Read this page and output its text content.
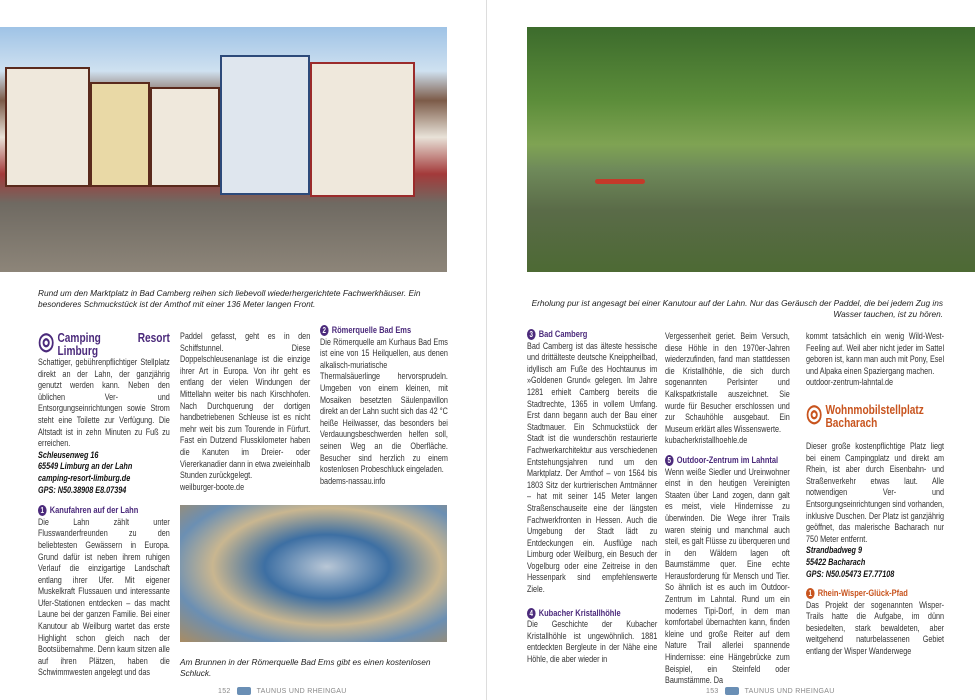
Rund um den Marktplatz in Bad Camberg reihen sich liebevoll wiederhergerichtete Fachwerkhäuser. Ein besonderes Schmuckstück ist der Amthof mit einer 136 Meter langen Front.
◎ Camping Resort Limburg

Schattiger, gebührenpflichtiger Stellplatz direkt an der Lahn, der ganzjährig genutzt werden kann. Neben den üblichen Ver- und Entsorgungseinrichtungen sowie Strom steht eine Toilette zur Verfügung. Die Altstadt ist in zehn Minuten zu Fuß zu erreichen.

Schleusenweg 16
65549 Limburg an der Lahn
camping-resort-limburg.de
GPS: N50.38908 E8.07394
1 Kanufahren auf der Lahn

Die Lahn zählt unter Flusswanderfreunden zu den beliebtesten Gewässern in Europa. Grund dafür ist neben ihrem ruhigen Verlauf die einzigartige Landschaft entlang ihrer Ufer. Mit eigener Muskelkraft Flussauen und interessante Ufer-Stationen entdecken – das macht Laune bei der ganzen Familie. Bei einer Kanutour ab Weilburg wartet das erste Highlight schon gleich nach der Bootsübernahme. Denn kaum sitzen alle auf ihren Plätzen, haben die Schwimmwesten angelegt und das

Paddel gefasst, geht es in den Schiffstunnel. Diese Doppelschleusenanlage ist die einzige ihrer Art in Europa. Von ihr geht es entlang der vielen Windungen der Mittellahn weiter bis nach Kirschhofen. Nach Durchquerung der dortigen handbetriebenen Schleuse ist es nicht mehr weit bis zum Tourende in Fürfurt. Fast ein Dutzend Flusskilometer haben die Kanuten im Dreier- oder Viererkanadier dann in etwa zweieinhalb Stunden zurückgelegt.

weilburger-boote.de

2 Römerquelle Bad Ems

Die Römerquelle am Kurhaus Bad Ems ist eine von 15 Heilquellen, aus denen alkalisch-muriatische Thermalsäuerlinge hervorsprudeln. Umgeben von einem kleinen, mit Mosaiken besetzten Säulenpavillon direkt an der Lahn sucht sich das 42 °C heiße Heilwasser, das besonders bei Verdauungsbeschwerden helfen soll, seinen Weg an die Oberfläche. Besucher sind herzlich zu einem kostenlosen Probeschluck eingeladen.

badems-nassau.info

Am Brunnen in der Römerquelle Bad Ems gibt es einen kostenlosen Schluck.
152	TAUNUS UND RHEINGAU
Erholung pur ist angesagt bei einer Kanutour auf der Lahn. Nur das Geräusch der Paddel, die bei jedem Zug ins Wasser tauchen, ist zu hören.
3 Bad Camberg

Bad Camberg ist das älteste hessische und drittälteste deutsche Kneippheilbad, idyllisch am Fuße des Hochtaunus im »Goldenen Grund« gelegen. Im Jahre 1281 erhielt Camberg bereits die Stadtrechte, 1365 in vollem Umfang. Erst dann begann auch der Bau einer Stadtmauer. Ein Schmuckstück der Stadt ist die wunderschön restaurierte Fachwerkarchitektur aus verschiedenen Entstehungsjahren rund um den Marktplatz. Der Amthof – von 1564 bis 1803 Sitz der kurtrierischen Amtmänner – hat mit seiner 145 Meter langen Straßenschauseite eine der längsten Fachwerkfronten in Hessen. Auch die Umgebung der Stadt lädt zu Entdeckungen ein. Ausflüge nach Limburg oder Weilburg, ein Besuch der Vogelburg oder eine Zeitreise in den Hessenpark sind empfehlenswerte Ziele.

4 Kubacher Kristallhöhle

Die Geschichte der Kubacher Kristallhöhle ist ungewöhnlich. 1881 entdeckten Bergleute in der Nähe eine Höhle, die aber wieder in

Vergessenheit geriet. Beim Versuch, diese Höhle in den 1970er-Jahren wiederzufinden, fand man stattdessen die Kristallhöhle, die sich durch sogenannten Perlsinter und Kalkspatkristalle auszeichnet. Sie wurde für Besucher erschlossen und zur Schauhöhle ausgebaut. Ein Museum erklärt alles Wissenswerte.

kubacherkristallhoehle.de

5 Outdoor-Zentrum im Lahntal

Wenn weiße Siedler und Ureinwohner einst in den heutigen Vereinigten Staaten über Land zogen, dann galt es meist, viele Hindernisse zu überwinden. Die Wege ihrer Trails waren steinig und manchmal auch steil, es galt Flüsse zu überqueren und in den Wäldern lagen oft Baumstämme quer. Eine echte Herausforderung für Mensch und Tier. So ähnlich ist es auch im Outdoor-Zentrum im Lahntal. Rund um ein modernes Tipi-Dorf, in dem man komfortabel übernachten kann, finden kleine und große Reiter auf dem Nature Trail allerlei spannende Hindernisse: eine Hängebrücke zum Beispiel, ein Steinfeld oder Baumstämme. Da

kommt tatsächlich ein wenig Wild-West-Feeling auf. Weil aber nicht jeder im Sattel geboren ist, kann man auch mit Pony, Esel und Alpaka einen Spaziergang machen.

outdoor-zentrum-lahntal.de

◎ Wohnmobilstellplatz Bacharach

Dieser große kostenpflichtige Platz liegt bei einem Campingplatz und direkt am Rhein, ist aber durch Eisenbahn- und Straßenverkehr etwas laut. Alle notwendigen Ver- und Entsorgungseinrichtungen sind vorhanden, inklusive Duschen. Der Platz ist ganzjährig geöffnet, das malerische Bacharach nur 750 Meter entfernt.

Strandbadweg 9
55422 Bacharach
GPS: N50.05473 E7.77108
1 Rhein-Wisper-Glück-Pfad

Das Projekt der sogenannten Wisper-Trails hatte die Aufgabe, im dünn besiedelten, stark bewaldeten, aber weitgehend naturbelassenen Gebiet entlang der Wisper Wanderwege

153	TAUNUS UND RHEINGAU
